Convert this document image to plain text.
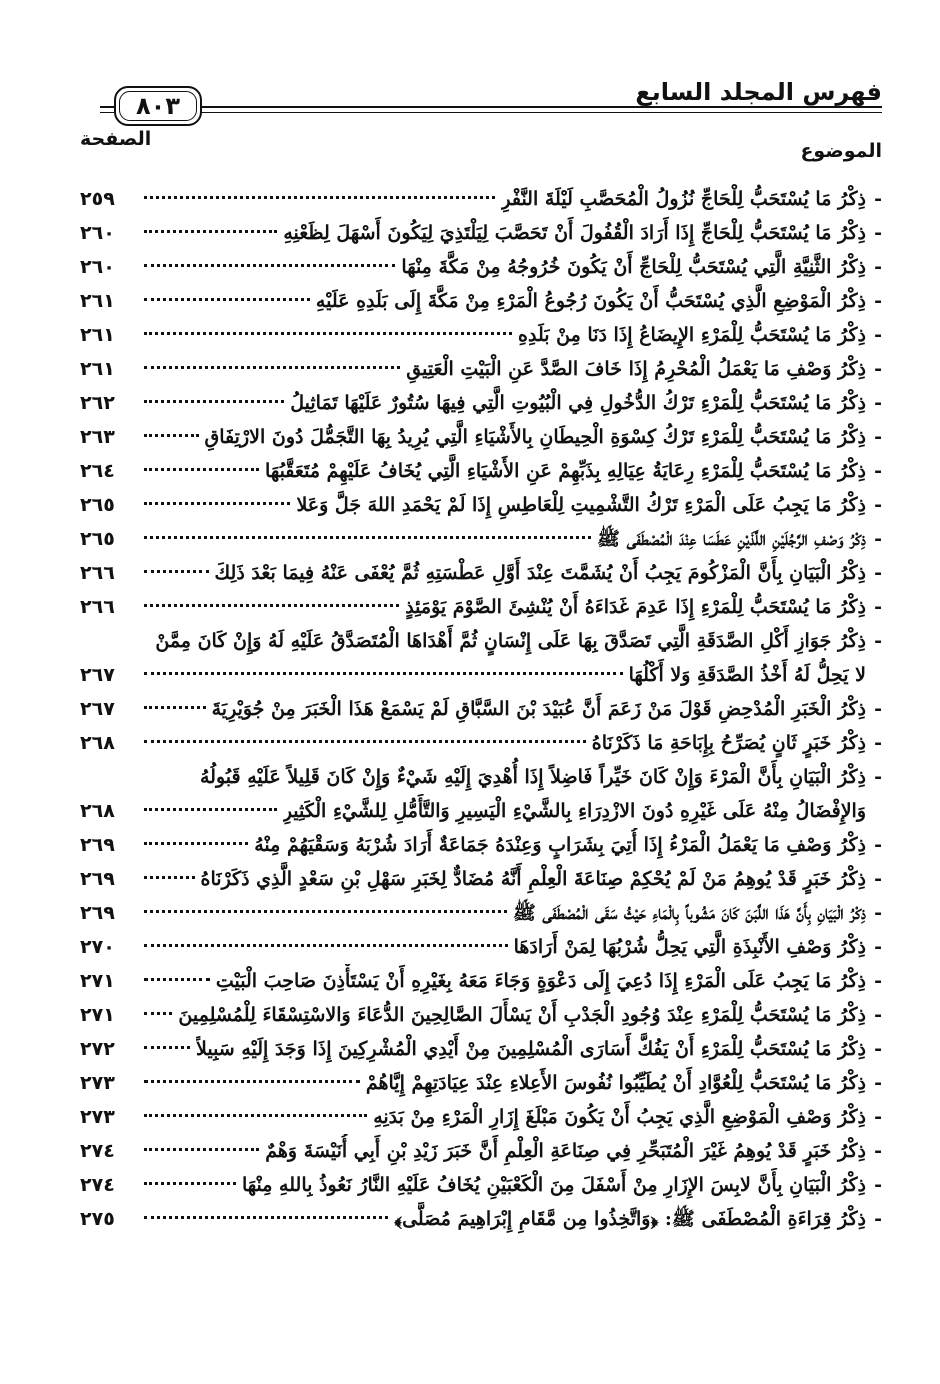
فهرس المجلد السابع
٨٠٣
الموضوع
الصفحة
- ذِكْرُ مَا يُسْتَحَبُّ لِلْحَاجِّ نُزُولُ الْمُحَصَّبِ لَيْلَةَ النَّفْرِ
٢٥٩
- ذِكْرُ مَا يُسْتَحَبُّ لِلْحَاجِّ إِذَا أَرَادَ الْقُفُولَ أَنْ تَحَصَّبَ لِيَلْتَذِيَ لِيَكُونَ أَسْهَلَ لِظَعْنِهِ
٢٦٠
- ذِكْرُ الثَّنِيَّةِ الَّتِي يُسْتَحَبُّ لِلْحَاجِّ أَنْ يَكُونَ خُرُوجُهُ مِنْ مَكَّةَ مِنْهَا
٢٦٠
- ذِكْرُ الْمَوْضِعِ الَّذِي يُسْتَحَبُّ أَنْ يَكُونَ رُجُوعُ الْمَرْءِ مِنْ مَكَّةَ إِلَى بَلَدِهِ عَلَيْهِ
٢٦١
- ذِكْرُ مَا يُسْتَحَبُّ لِلْمَرْءِ الإِيضَاعُ إِذَا دَنَا مِنْ بَلَدِهِ
٢٦١
- ذِكْرُ وَصْفِ مَا يَعْمَلُ الْمُحْرِمُ إِذَا خَافَ الصَّدَّ عَنِ الْبَيْتِ الْعَتِيقِ
٢٦١
- ذِكْرُ مَا يُسْتَحَبُّ لِلْمَرْءِ تَرْكُ الدُّخُولِ فِي الْبُيُوتِ الَّتِي فِيهَا سُتُورٌ عَلَيْهَا تَمَاثِيلُ
٢٦٢
- ذِكْرُ مَا يُسْتَحَبُّ لِلْمَرْءِ تَرْكُ كِسْوَةِ الْحِيطَانِ بِالأَشْيَاءِ الَّتِي يُرِيدُ بِهَا التَّجَمُّلَ دُونَ الارْتِفَاقِ
٢٦٣
- ذِكْرُ مَا يُسْتَحَبُّ لِلْمَرْءِ رِعَايَةُ عِيَالِهِ بِذَبِّهِمْ عَنِ الأَشْيَاءِ الَّتِي يُخَافُ عَلَيْهِمْ مُتَعَقَّبُهَا
٢٦٤
- ذِكْرُ مَا يَجِبُ عَلَى الْمَرْءِ تَرْكُ التَّشْمِيتِ لِلْعَاطِسِ إِذَا لَمْ يَحْمَدِ اللهَ جَلَّ وَعَلا
٢٦٥
- ذِكْرُ وَصْفِ الرَّجُلَيْنِ اللَّذَيْنِ عَطَسَا عِنْدَ الْمُصْطَفَى ﷺ
٢٦٥
- ذِكْرُ الْبَيَانِ بِأَنَّ الْمَزْكُومَ يَجِبُ أَنْ يُشَمَّتَ عِنْدَ أَوَّلِ عَطْسَتِهِ ثُمَّ يُعْفَى عَنْهُ فِيمَا بَعْدَ ذَلِكَ
٢٦٦
- ذِكْرُ مَا يُسْتَحَبُّ لِلْمَرْءِ إِذَا عَدِمَ غَدَاءَهُ أَنْ يُنْشِئَ الصَّوْمَ يَوْمَئِذٍ
٢٦٦
- ذِكْرُ جَوَازِ أَكْلِ الصَّدَقَةِ الَّتِي تَصَدَّقَ بِهَا عَلَى إِنْسَانٍ ثُمَّ أَهْدَاهَا الْمُتَصَدَّقُ عَلَيْهِ لَهُ وَإِنْ كَانَ مِمَّنْ
لا يَحِلُّ لَهُ أَخْذُ الصَّدَقَةِ وَلا أَكْلُهَا
٢٦٧
- ذِكْرُ الْخَبَرِ الْمُدْحِضِ قَوْلَ مَنْ زَعَمَ أَنَّ عُبَيْدَ بْنَ السَّبَّاقِ لَمْ يَسْمَعْ هَذَا الْخَبَرَ مِنْ جُوَيْرِيَةَ
٢٦٧
- ذِكْرُ خَبَرٍ ثَانٍ يُصَرِّحُ بِإِبَاحَةِ مَا ذَكَرْنَاهُ
٢٦٨
- ذِكْرُ الْبَيَانِ بِأَنَّ الْمَرْءَ وَإِنْ كَانَ خَيِّراً فَاضِلاً إِذَا أُهْدِيَ إِلَيْهِ شَيْءٌ وَإِنْ كَانَ قَلِيلاً عَلَيْهِ قَبُولُهُ
وَالإِفْضَالُ مِنْهُ عَلَى غَيْرِهِ دُونَ الازْدِرَاءِ بِالشَّيْءِ الْيَسِيرِ وَالتَّأَمُّلِ لِلشَّيْءِ الْكَثِيرِ
٢٦٨
- ذِكْرُ وَصْفِ مَا يَعْمَلُ الْمَرْءُ إِذَا أُتِيَ بِشَرَابٍ وَعِنْدَهُ جَمَاعَةٌ أَرَادَ شُرْبَهُ وَسَقْيَهُمْ مِنْهُ
٢٦٩
- ذِكْرُ خَبَرٍ قَدْ يُوهِمُ مَنْ لَمْ يُحْكِمْ صِنَاعَةَ الْعِلْمِ أَنَّهُ مُضَادٌّ لِخَبَرِ سَهْلِ بْنِ سَعْدٍ الَّذِي ذَكَرْنَاهُ
٢٦٩
- ذِكْرُ الْبَيَانِ بِأَنَّ هَذَا اللَّبَنَ كَانَ مَشُوباً بِالْمَاءِ حَيْثُ سَقَى الْمُصْطَفَى ﷺ
٢٦٩
- ذِكْرُ وَصْفِ الأَنْبِذَةِ الَّتِي يَحِلُّ شُرْبُهَا لِمَنْ أَرَادَهَا
٢٧٠
- ذِكْرُ مَا يَجِبُ عَلَى الْمَرْءِ إِذَا دُعِيَ إِلَى دَعْوَةٍ وَجَاءَ مَعَهُ بِغَيْرِهِ أَنْ يَسْتَأْذِنَ صَاحِبَ الْبَيْتِ
٢٧١
- ذِكْرُ مَا يُسْتَحَبُّ لِلْمَرْءِ عِنْدَ وُجُودِ الْجَدْبِ أَنْ يَسْأَلَ الصَّالِحِينَ الدُّعَاءَ وَالاسْتِسْقَاءَ لِلْمُسْلِمِينَ
٢٧١
- ذِكْرُ مَا يُسْتَحَبُّ لِلْمَرْءِ أَنْ يَفُكَّ أَسَارَى الْمُسْلِمِينَ مِنْ أَيْدِي الْمُشْرِكِينَ إِذَا وَجَدَ إِلَيْهِ سَبِيلاً
٢٧٢
- ذِكْرُ مَا يُسْتَحَبُّ لِلْعُوَّادِ أَنْ يُطَيِّبُوا نُفُوسَ الأَعِلاءِ عِنْدَ عِيَادَتِهِمْ إِيَّاهُمْ
٢٧٣
- ذِكْرُ وَصْفِ الْمَوْضِعِ الَّذِي يَجِبُ أَنْ يَكُونَ مَبْلَغَ إِزَارِ الْمَرْءِ مِنْ بَدَنِهِ
٢٧٣
- ذِكْرُ خَبَرٍ قَدْ يُوهِمُ غَيْرَ الْمُتَبَحِّرِ فِي صِنَاعَةِ الْعِلْمِ أَنَّ خَبَرَ زَيْدِ بْنِ أَبِي أُنَيْسَةَ وَهْمٌ
٢٧٤
- ذِكْرُ الْبَيَانِ بِأَنَّ لابِسَ الإِزَارِ مِنْ أَسْفَلَ مِنَ الْكَعْبَيْنِ يُخَافُ عَلَيْهِ النَّارُ نَعُوذُ بِاللهِ مِنْهَا
٢٧٤
- ذِكْرُ قِرَاءَةِ الْمُصْطَفَى ﷺ: ﴿وَاتَّخِذُوا مِن مَّقَامِ إِبْرَاهِيمَ مُصَلًّى﴾
٢٧٥
